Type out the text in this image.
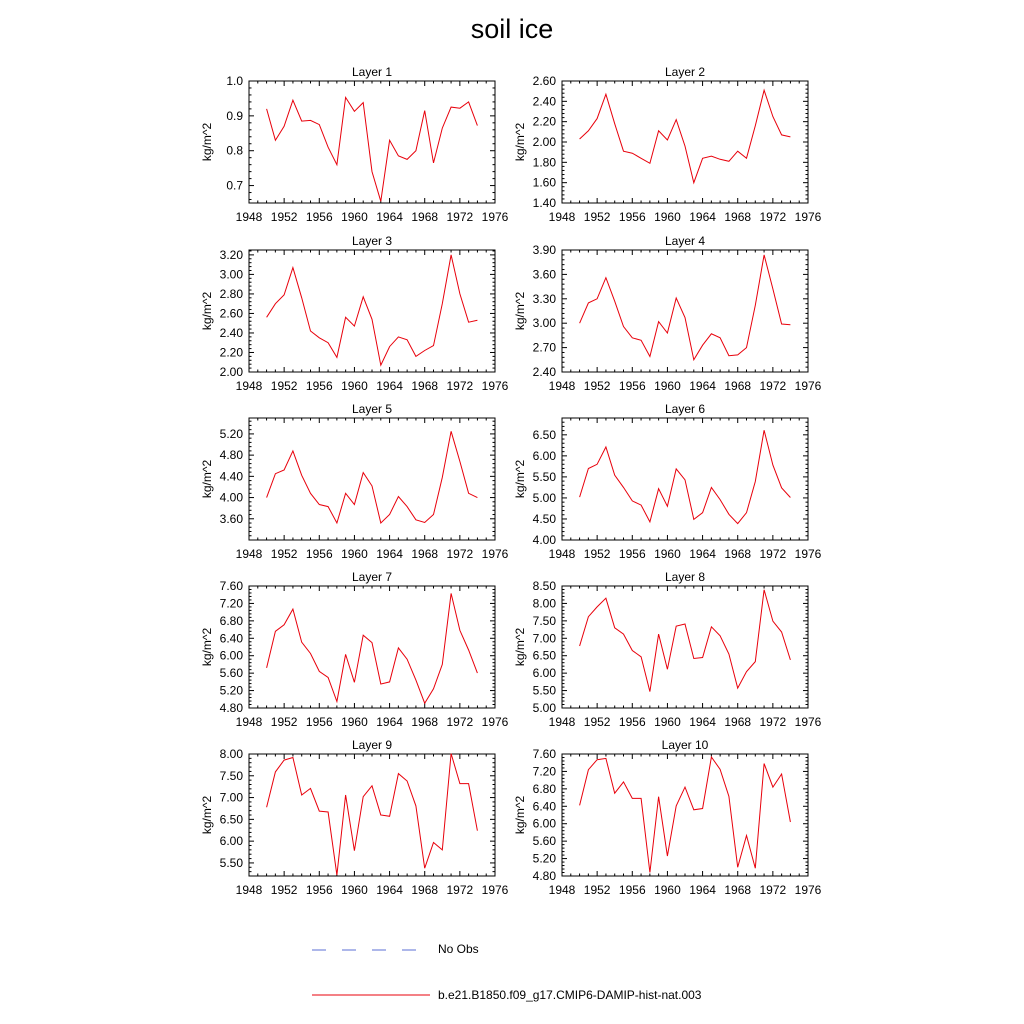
soil ice
Layer 1
kg/m^2
1948 1952 1956 1960 1964 1968 1972 1976
0.7
0.8
0.9
1.0
Layer 2
kg/m^2
1948 1952 1956 1960 1964 1968 1972 1976
1.40
1.60
1.80
2.00
2.20
2.40
2.60
Layer 3
kg/m^2
1948 1952 1956 1960 1964 1968 1972 1976
2.00
2.20
2.40
2.60
2.80
3.00
3.20
Layer 4
kg/m^2
1948 1952 1956 1960 1964 1968 1972 1976
2.40
2.70
3.00
3.30
3.60
3.90
Layer 5
kg/m^2
1948 1952 1956 1960 1964 1968 1972 1976
3.60
4.00
4.40
4.80
5.20
Layer 6
kg/m^2
1948 1952 1956 1960 1964 1968 1972 1976
4.00
4.50
5.00
5.50
6.00
6.50
Layer 7
kg/m^2
1948 1952 1956 1960 1964 1968 1972 1976
4.80
5.20
5.60
6.00
6.40
6.80
7.20
7.60
Layer 8
kg/m^2
1948 1952 1956 1960 1964 1968 1972 1976
5.00
5.50
6.00
6.50
7.00
7.50
8.00
8.50
Layer 9
kg/m^2
1948 1952 1956 1960 1964 1968 1972 1976
5.50
6.00
6.50
7.00
7.50
8.00
Layer 10
kg/m^2
1948 1952 1956 1960 1964 1968 1972 1976
4.80
5.20
5.60
6.00
6.40
6.80
7.20
7.60
No Obs
b.e21.B1850.f09_g17.CMIP6-DAMIP-hist-nat.003
